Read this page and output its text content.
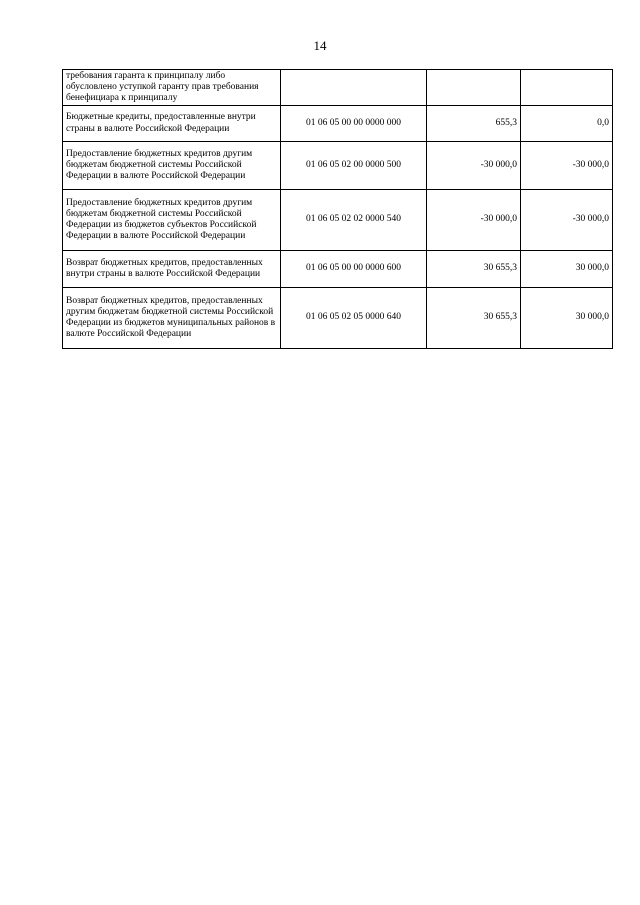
14
требования гаранта к принципалу либо обусловлено уступкой гаранту прав требования бенефициара к принципалу			
Бюджетные кредиты, предоставленные внутри страны в валюте Российской Федерации	01 06 05 00 00 0000 000	655,3	0,0
Предоставление бюджетных кредитов другим бюджетам бюджетной системы Российской Федерации в валюте Российской Федерации	01 06 05 02 00 0000 500	-30 000,0	-30 000,0
Предоставление бюджетных кредитов другим бюджетам бюджетной системы Российской Федерации из бюджетов субъектов Российской Федерации в валюте Российской Федерации	01 06 05 02 02 0000 540	-30 000,0	-30 000,0
Возврат бюджетных кредитов, предоставленных внутри страны в валюте Российской Федерации	01 06 05 00 00 0000 600	30 655,3	30 000,0
Возврат бюджетных кредитов, предоставленных другим бюджетам бюджетной системы Российской Федерации из бюджетов муниципальных районов в валюте Российской Федерации	01 06 05 02 05 0000 640	30 655,3	30 000,0
